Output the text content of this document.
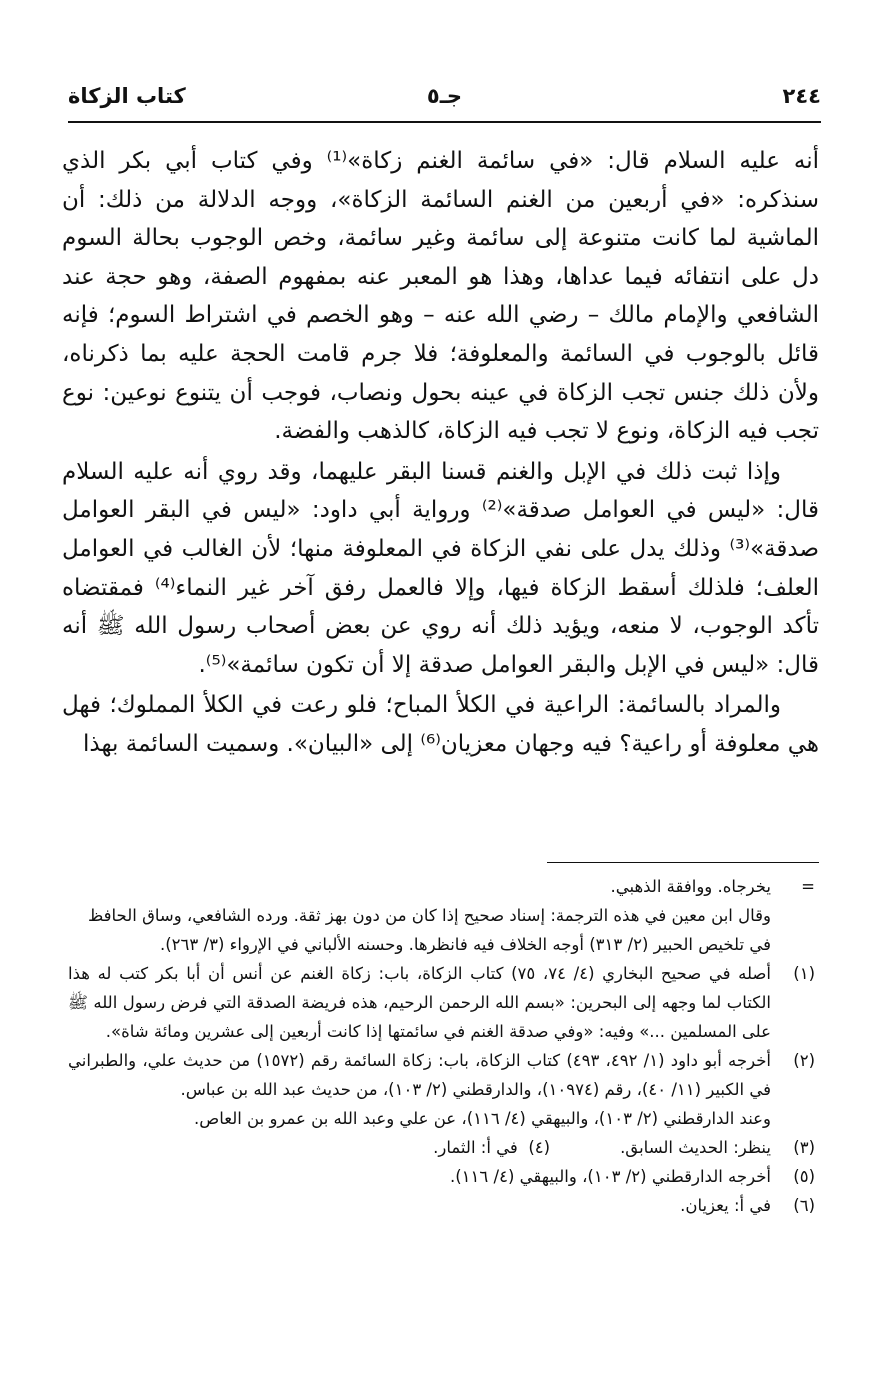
٢٤٤
جـ٥
كتاب الزكاة

أنه عليه السلام قال: «في سائمة الغنم زكاة»⁽¹⁾ وفي كتاب أبي بكر الذي سنذكره: «في أربعين من الغنم السائمة الزكاة»، ووجه الدلالة من ذلك: أن الماشية لما كانت متنوعة إلى سائمة وغير سائمة، وخص الوجوب بحالة السوم دل على انتفائه فيما عداها، وهذا هو المعبر عنه بمفهوم الصفة، وهو حجة عند الشافعي والإمام مالك – رضي الله عنه – وهو الخصم في اشتراط السوم؛ فإنه قائل بالوجوب في السائمة والمعلوفة؛ فلا جرم قامت الحجة عليه بما ذكرناه، ولأن ذلك جنس تجب الزكاة في عينه بحول ونصاب، فوجب أن يتنوع نوعين: نوع تجب فيه الزكاة، ونوع لا تجب فيه الزكاة، كالذهب والفضة.

وإذا ثبت ذلك في الإبل والغنم قسنا البقر عليهما، وقد روي أنه عليه السلام قال: «ليس في العوامل صدقة»⁽²⁾ ورواية أبي داود: «ليس في البقر العوامل صدقة»⁽³⁾ وذلك يدل على نفي الزكاة في المعلوفة منها؛ لأن الغالب في العوامل العلف؛ فلذلك أسقط الزكاة فيها، وإلا فالعمل رفق آخر غير النماء⁽⁴⁾ فمقتضاه تأكد الوجوب، لا منعه، ويؤيد ذلك أنه روي عن بعض أصحاب رسول الله ﷺ أنه قال: «ليس في الإبل والبقر العوامل صدقة إلا أن تكون سائمة»⁽⁵⁾.

والمراد بالسائمة: الراعية في الكلأ المباح؛ فلو رعت في الكلأ المملوك؛ فهل هي معلوفة أو راعية؟ فيه وجهان معزيان⁽⁶⁾ إلى «البيان». وسميت السائمة بهذا

=
يخرجاه. ووافقة الذهبي.
وقال ابن معين في هذه الترجمة: إسناد صحيح إذا كان من دون بهز ثقة. ورده الشافعي، وساق الحافظ في تلخيص الحبير (٢/ ٣١٣) أوجه الخلاف فيه فانظرها. وحسنه الألباني في الإرواء (٣/ ٢٦٣).
(١)
أصله في صحيح البخاري (٤/ ٧٤، ٧٥) كتاب الزكاة، باب: زكاة الغنم عن أنس أن أبا بكر كتب له هذا الكتاب لما وجهه إلى البحرين: «بسم الله الرحمن الرحيم، هذه فريضة الصدقة التي فرض رسول الله ﷺ على المسلمين ...» وفيه: «وفي صدقة الغنم في سائمتها إذا كانت أربعين إلى عشرين ومائة شاة».
(٢)
أخرجه أبو داود (١/ ٤٩٢، ٤٩٣) كتاب الزكاة، باب: زكاة السائمة رقم (١٥٧٢) من حديث علي، والطبراني في الكبير (١١/ ٤٠)، رقم (١٠٩٧٤)، والدارقطني (٢/ ١٠٣)، من حديث عبد الله بن عباس.
وعند الدارقطني (٢/ ١٠٣)، والبيهقي (٤/ ١١٦)، عن علي وعبد الله بن عمرو بن العاص.
(٣)
ينظر: الحديث السابق.
(٤)

في أ: الثمار.
(٥)
أخرجه الدارقطني (٢/ ١٠٣)، والبيهقي (٤/ ١١٦).
(٦)
في أ: يعزيان.
